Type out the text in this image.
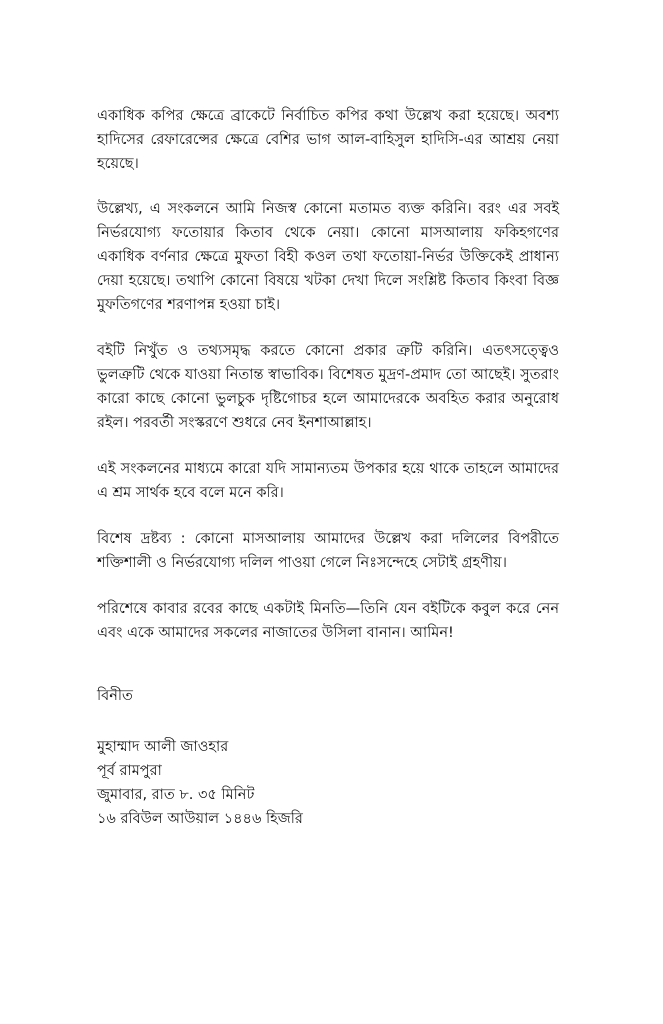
একাধিক কপির ক্ষেত্রে ব্রাকেটে নির্বাচিত কপির কথা উল্লেখ করা হয়েছে। অবশ্য হাদিসের রেফারেন্সের ক্ষেত্রে বেশির ভাগ আল-বাহিসুল হাদিসি-এর আশ্রয় নেয়া হয়েছে।

উল্লেখ্য, এ সংকলনে আমি নিজস্ব কোনো মতামত ব্যক্ত করিনি। বরং এর সবই নির্ভরযোগ্য ফতোয়ার কিতাব থেকে নেয়া। কোনো মাসআলায় ফকিহগণের একাধিক বর্ণনার ক্ষেত্রে মুফতা বিহী কওল তথা ফতোয়া-নির্ভর উক্তিকেই প্রাধান্য দেয়া হয়েছে। তথাপি কোনো বিষয়ে খটকা দেখা দিলে সংশ্লিষ্ট কিতাব কিংবা বিজ্ঞ মুফতিগণের শরণাপন্ন হওয়া চাই।

বইটি নিখুঁত ও তথ্যসমৃদ্ধ করতে কোনো প্রকার ত্রুটি করিনি। এতৎসত্ত্বেও ভুলত্রুটি থেকে যাওয়া নিতান্ত স্বাভাবিক। বিশেষত মুদ্রণ-প্রমাদ তো আছেই। সুতরাং কারো কাছে কোনো ভুলচুক দৃষ্টিগোচর হলে আমাদেরকে অবহিত করার অনুরোধ রইল। পরবর্তী সংস্করণে শুধরে নেব ইনশাআল্লাহ।

এই সংকলনের মাধ্যমে কারো যদি সামান্যতম উপকার হয়ে থাকে তাহলে আমাদের এ শ্রম সার্থক হবে বলে মনে করি।

বিশেষ দ্রষ্টব্য : কোনো মাসআলায় আমাদের উল্লেখ করা দলিলের বিপরীতে শক্তিশালী ও নির্ভরযোগ্য দলিল পাওয়া গেলে নিঃসন্দেহে সেটাই গ্রহণীয়।

পরিশেষে কাবার রবের কাছে একটাই মিনতি—তিনি যেন বইটিকে কবুল করে নেন এবং একে আমাদের সকলের নাজাতের উসিলা বানান। আমিন!

বিনীত

মুহাম্মাদ আলী জাওহার
পূর্ব রামপুরা
জুমাবার, রাত ৮. ৩৫ মিনিট
১৬ রবিউল আউয়াল ১৪৪৬ হিজরি
